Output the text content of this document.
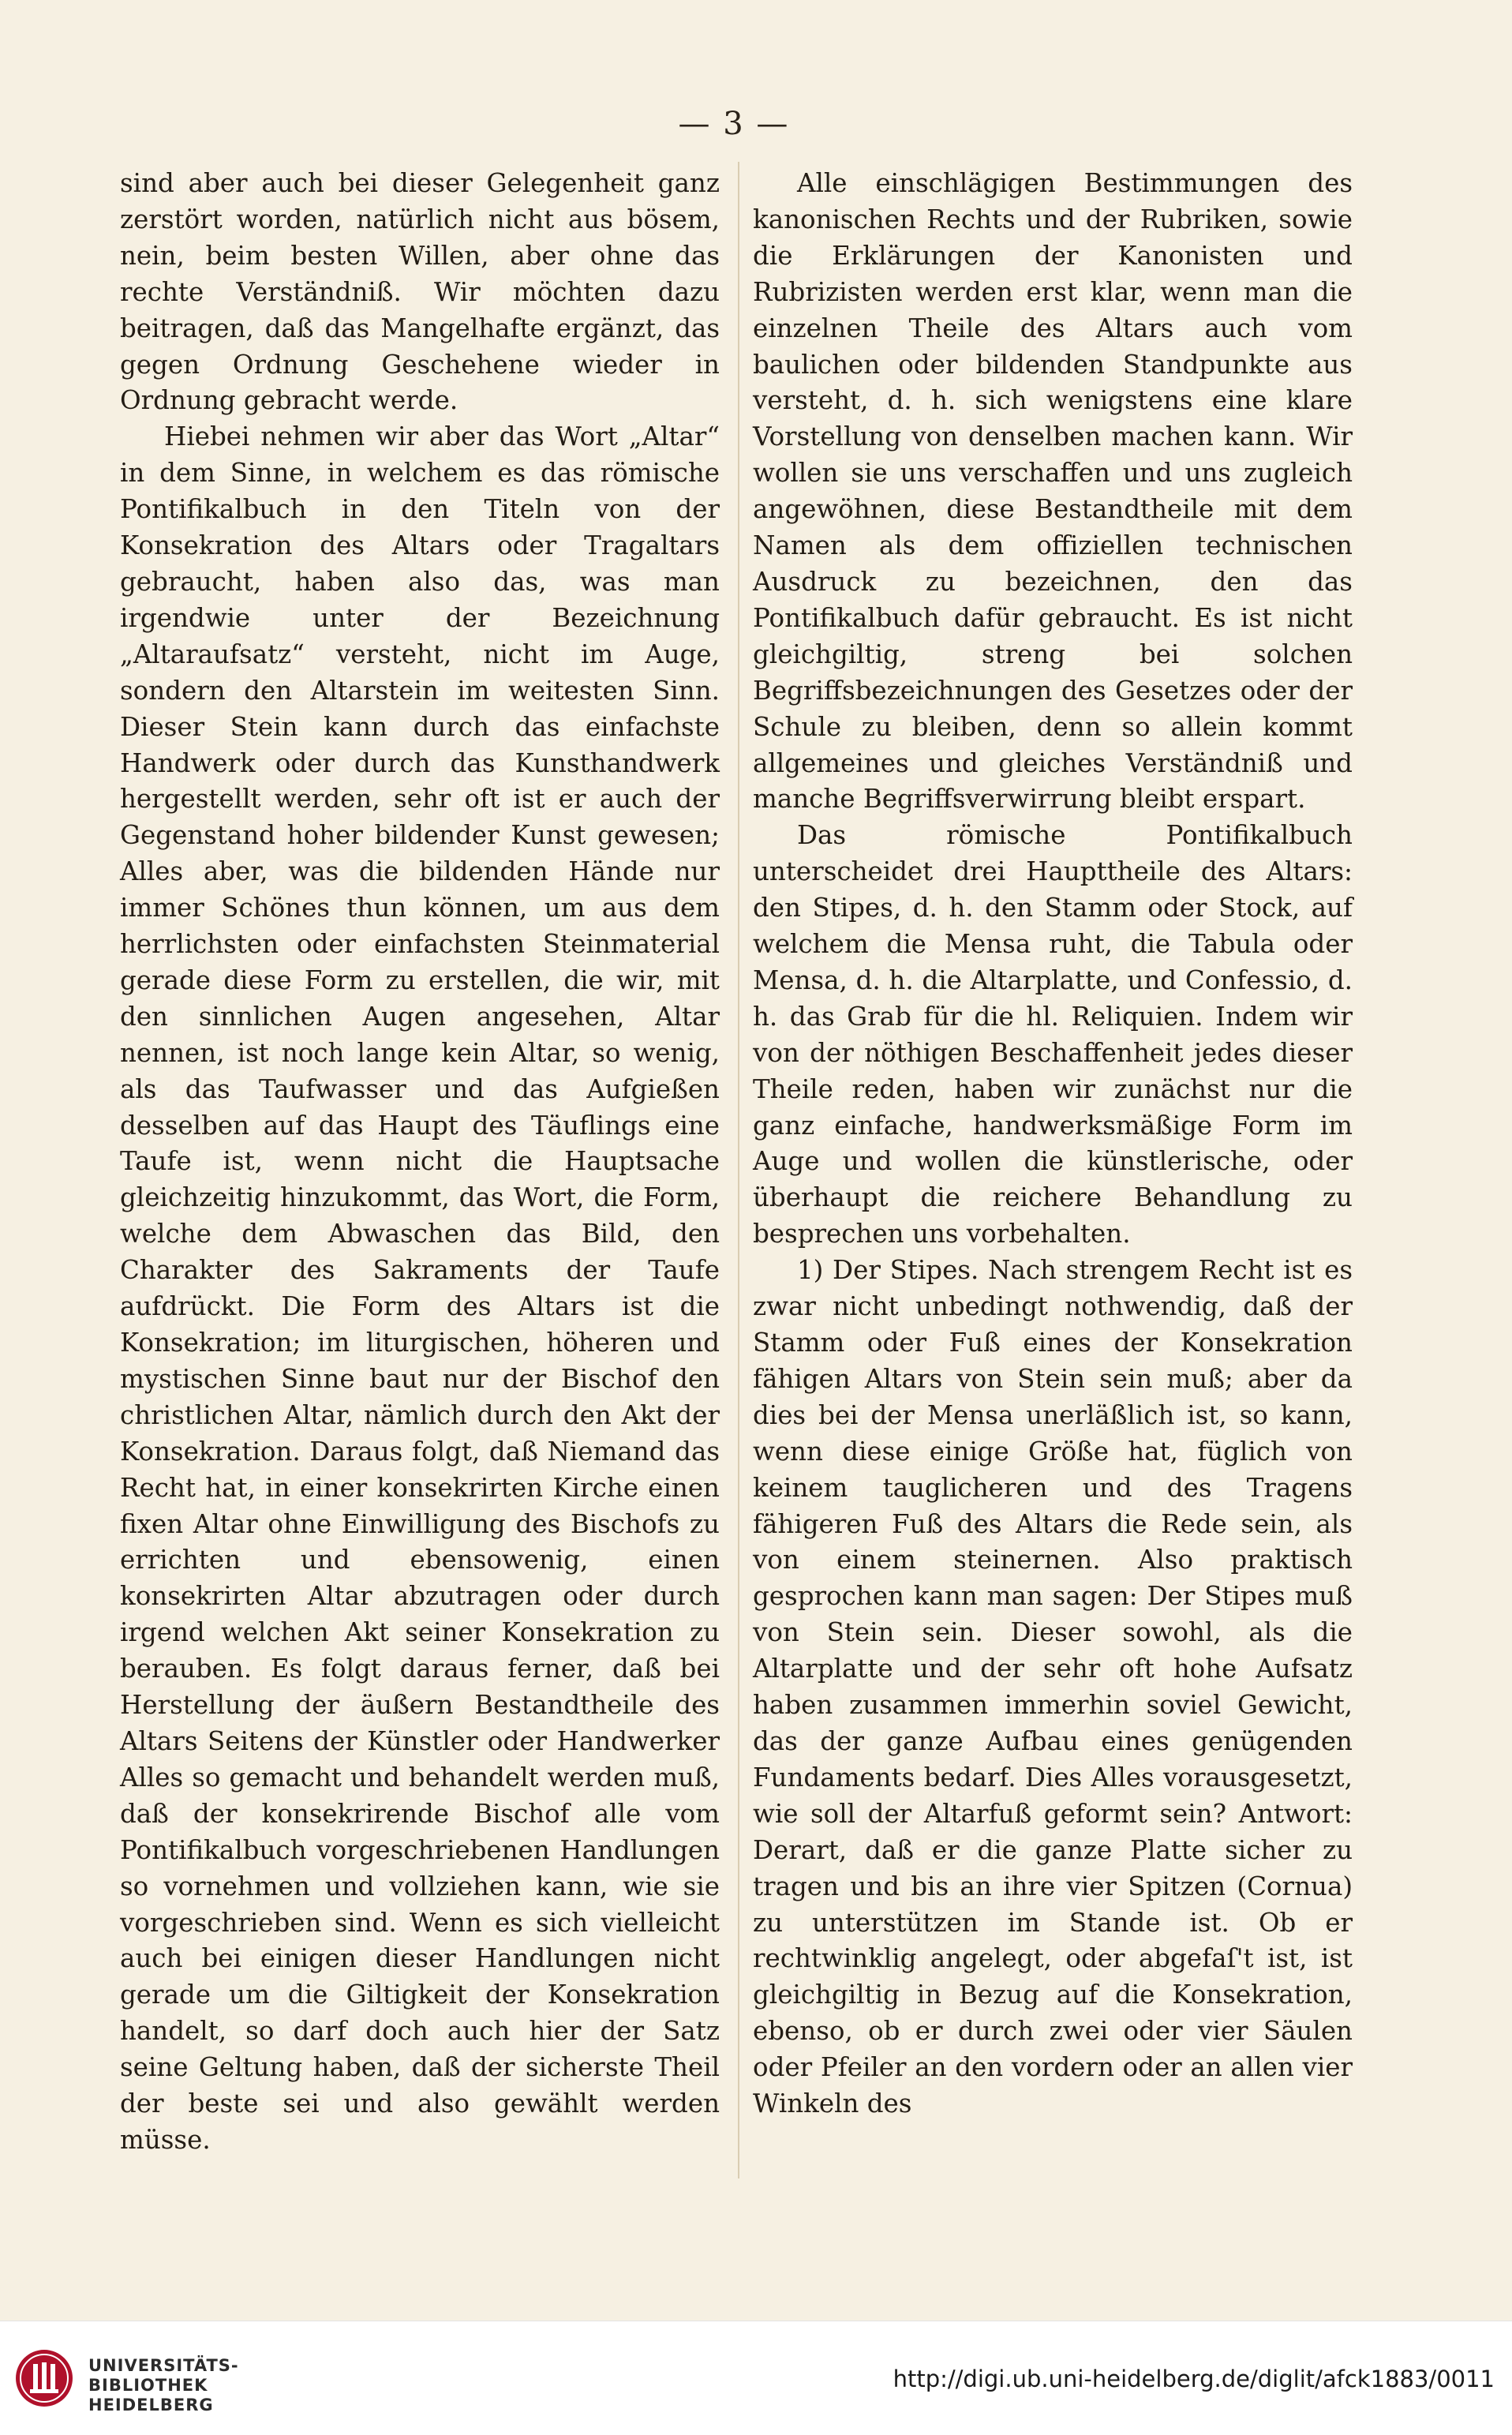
— 3 —

sind aber auch bei dieser Gelegenheit ganz zerstört worden, natürlich nicht aus bösem, nein, beim besten Willen, aber ohne das rechte Verständniß. Wir möchten dazu beitragen, daß das Mangelhafte ergänzt, das gegen Ordnung Geschehene wieder in Ordnung gebracht werde.

Hiebei nehmen wir aber das Wort „Altar“ in dem Sinne, in welchem es das römische Pontifikalbuch in den Titeln von der Konsekration des Altars oder Tragaltars gebraucht, haben also das, was man irgendwie unter der Bezeichnung „Altaraufsatz“ versteht, nicht im Auge, sondern den Altarstein im weitesten Sinn. Dieser Stein kann durch das einfachste Handwerk oder durch das Kunsthandwerk hergestellt werden, sehr oft ist er auch der Gegenstand hoher bildender Kunst gewesen; Alles aber, was die bildenden Hände nur immer Schönes thun können, um aus dem herrlichsten oder einfachsten Steinmaterial gerade diese Form zu erstellen, die wir, mit den sinnlichen Augen angesehen, Altar nennen, ist noch lange kein Altar, so wenig, als das Taufwasser und das Aufgießen desselben auf das Haupt des Täuflings eine Taufe ist, wenn nicht die Hauptsache gleichzeitig hinzukommt, das Wort, die Form, welche dem Abwaschen das Bild, den Charakter des Sakraments der Taufe aufdrückt. Die Form des Altars ist die Konsekration; im liturgischen, höheren und mystischen Sinne baut nur der Bischof den christlichen Altar, nämlich durch den Akt der Konsekration. Daraus folgt, daß Niemand das Recht hat, in einer konsekrirten Kirche einen fixen Altar ohne Einwilligung des Bischofs zu errichten und ebensowenig, einen konsekrirten Altar abzutragen oder durch irgend welchen Akt seiner Konsekration zu berauben. Es folgt daraus ferner, daß bei Herstellung der äußern Bestandtheile des Altars Seitens der Künstler oder Handwerker Alles so gemacht und behandelt werden muß, daß der konsekrirende Bischof alle vom Pontifikalbuch vorgeschriebenen Handlungen so vornehmen und vollziehen kann, wie sie vorgeschrieben sind. Wenn es sich vielleicht auch bei einigen dieser Handlungen nicht gerade um die Giltigkeit der Konsekration handelt, so darf doch auch hier der Satz seine Geltung haben, daß der sicherste Theil der beste sei und also gewählt werden müsse.

Alle einschlägigen Bestimmungen des kanonischen Rechts und der Rubriken, sowie die Erklärungen der Kanonisten und Rubrizisten werden erst klar, wenn man die einzelnen Theile des Altars auch vom baulichen oder bildenden Standpunkte aus versteht, d. h. sich wenigstens eine klare Vorstellung von denselben machen kann. Wir wollen sie uns verschaffen und uns zugleich angewöhnen, diese Bestandtheile mit dem Namen als dem offiziellen technischen Ausdruck zu bezeichnen, den das Pontifikalbuch dafür gebraucht. Es ist nicht gleichgiltig, streng bei solchen Begriffsbezeichnungen des Gesetzes oder der Schule zu bleiben, denn so allein kommt allgemeines und gleiches Verständniß und manche Begriffsverwirrung bleibt erspart.

Das römische Pontifikalbuch unterscheidet drei Haupttheile des Altars: den Stipes, d. h. den Stamm oder Stock, auf welchem die Mensa ruht, die Tabula oder Mensa, d. h. die Altarplatte, und Confessio, d. h. das Grab für die hl. Reliquien. Indem wir von der nöthigen Beschaffenheit jedes dieser Theile reden, haben wir zunächst nur die ganz einfache, handwerksmäßige Form im Auge und wollen die künstlerische, oder überhaupt die reichere Behandlung zu besprechen uns vorbehalten.

1) Der Stipes. Nach strengem Recht ist es zwar nicht unbedingt nothwendig, daß der Stamm oder Fuß eines der Konsekration fähigen Altars von Stein sein muß; aber da dies bei der Mensa unerläßlich ist, so kann, wenn diese einige Größe hat, füglich von keinem tauglicheren und des Tragens fähigeren Fuß des Altars die Rede sein, als von einem steinernen. Also praktisch gesprochen kann man sagen: Der Stipes muß von Stein sein. Dieser sowohl, als die Altarplatte und der sehr oft hohe Aufsatz haben zusammen immerhin soviel Gewicht, das der ganze Aufbau eines genügenden Fundaments bedarf. Dies Alles vorausgesetzt, wie soll der Altarfuß geformt sein? Antwort: Derart, daß er die ganze Platte sicher zu tragen und bis an ihre vier Spitzen (Cornua) zu unterstützen im Stande ist. Ob er rechtwinklig angelegt, oder abgefaſ't ist, ist gleichgiltig in Bezug auf die Konsekration, ebenso, ob er durch zwei oder vier Säulen oder Pfeiler an den vordern oder an allen vier Winkeln des

UNIVERSITÄTS-
BIBLIOTHEK
HEIDELBERG
http://digi.ub.uni-heidelberg.de/diglit/afck1883/0011
